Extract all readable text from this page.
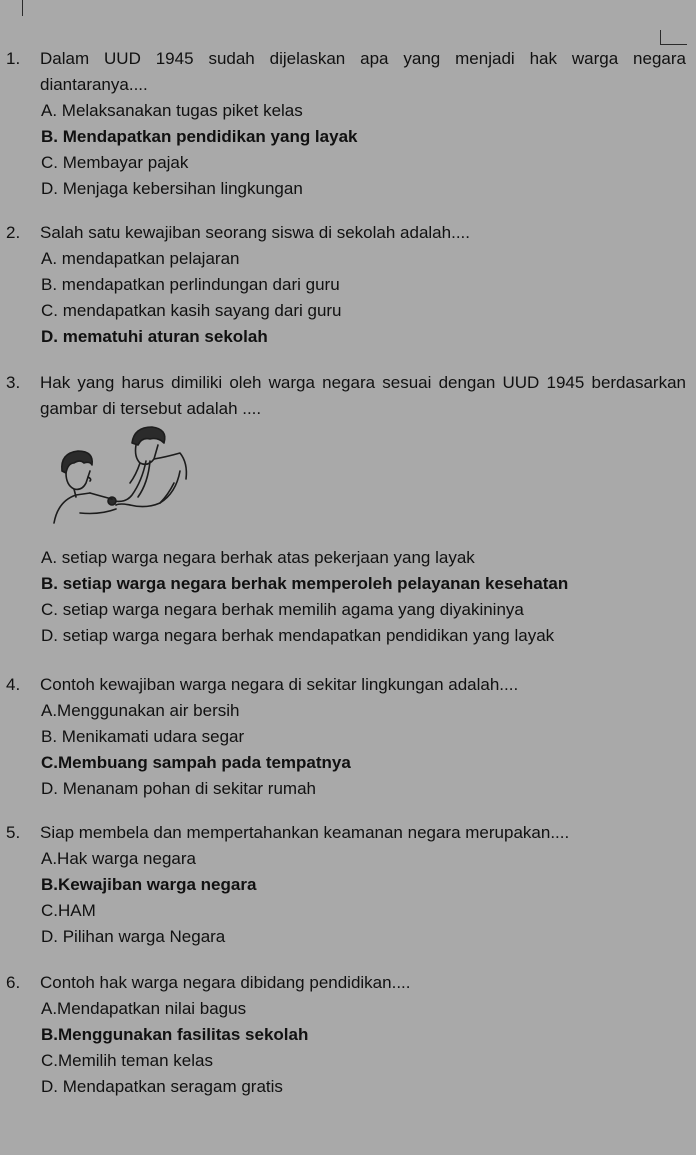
1.	Dalam UUD 1945 sudah dijelaskan apa yang menjadi hak warga negara diantaranya....
A. Melaksanakan tugas piket kelas
B. Mendapatkan pendidikan yang layak
C. Membayar pajak
D. Menjaga kebersihan lingkungan
2.	Salah satu kewajiban seorang siswa di sekolah adalah....
A. mendapatkan pelajaran
B. mendapatkan perlindungan dari guru
C. mendapatkan kasih sayang dari guru
D. mematuhi aturan sekolah
3.	Hak yang harus dimiliki oleh warga negara sesuai dengan UUD 1945 berdasarkan gambar di tersebut adalah ....
A. setiap warga negara berhak atas pekerjaan yang layak
B. setiap warga negara berhak memperoleh pelayanan kesehatan
C. setiap warga negara berhak memilih agama yang diyakininya
D. setiap warga negara berhak mendapatkan pendidikan yang layak
4.	Contoh kewajiban warga negara di sekitar lingkungan adalah....
A.Menggunakan air bersih
B. Menikamati udara segar
C.Membuang sampah pada tempatnya
D. Menanam pohan di sekitar rumah
5.	Siap membela dan mempertahankan keamanan negara merupakan....
A.Hak warga negara
B.Kewajiban warga negara
C.HAM
D. Pilihan warga Negara
6.	Contoh hak warga negara dibidang pendidikan....
A.Mendapatkan nilai bagus
B.Menggunakan fasilitas sekolah
C.Memilih teman kelas
D. Mendapatkan seragam gratis
